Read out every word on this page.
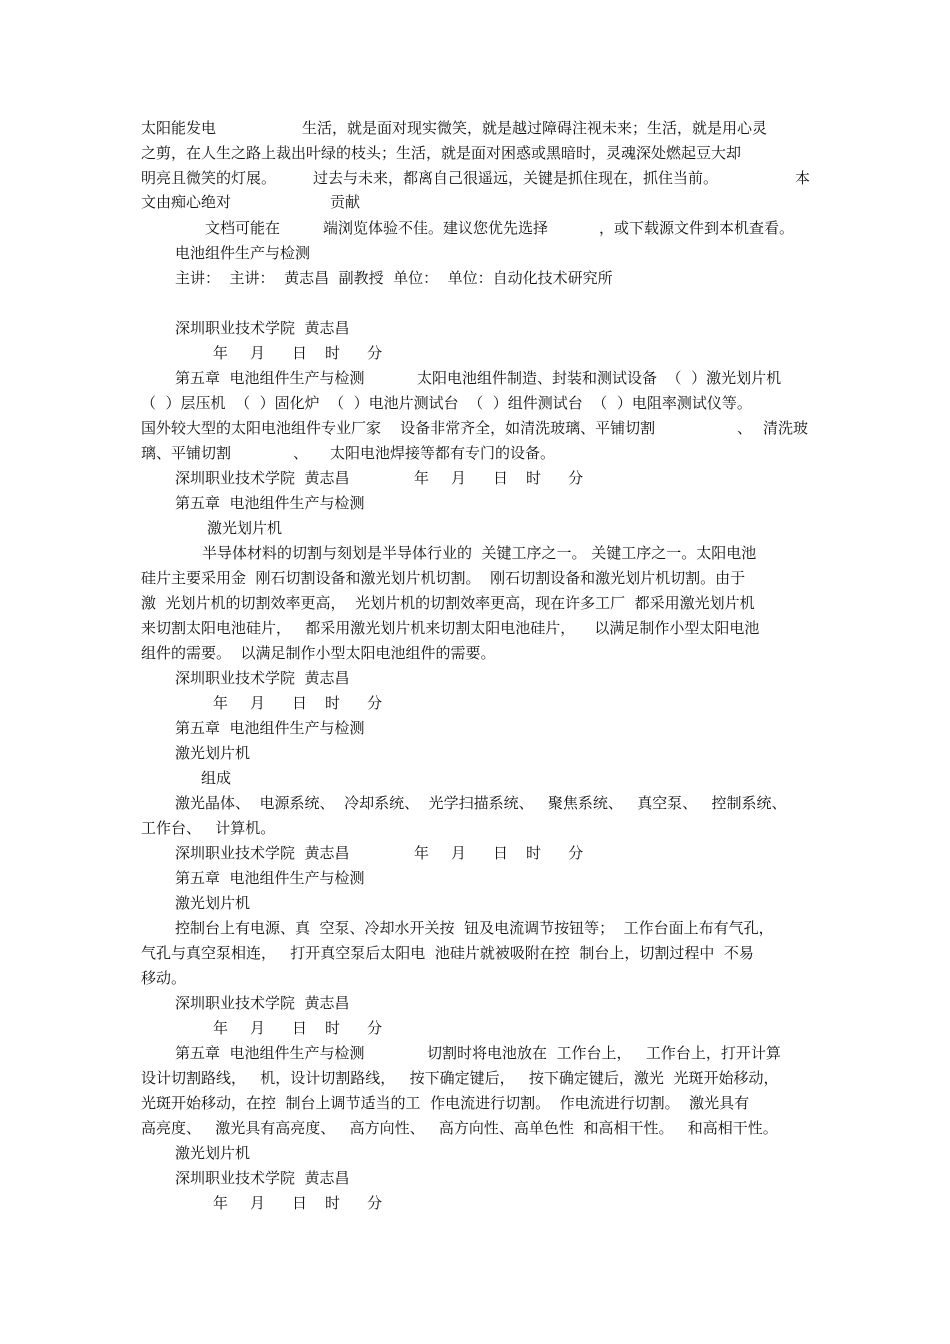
太阳能发电	生活，就是面对现实微笑，就是越过障碍注视未来；生活，就是用心灵
之剪，在人生之路上裁出叶绿的枝头；生活，就是面对困惑或黑暗时，灵魂深处燃起豆大却
明亮且微笑的灯展。 过去与未来，都离自己很遥远，关键是抓住现在，抓住当前。	本
文由痴心绝对	贡献
文档可能在	端浏览体验不佳。建议您优先选择	，或下载源文件到本机查看。
电池组件生产与检测
主讲：  主讲：  黄志昌  副教授  单位：  单位：自动化技术研究所
深圳职业技术学院  黄志昌
年 月 日 时 分
第五章  电池组件生产与检测	太阳电池组件制造、封装和测试设备  （  ）激光划片机
（  ）层压机  （  ）固化炉  （  ）电池片测试台  （  ）组件测试台  （  ）电阻率测试仪等。
国外较大型的太阳电池组件专业厂家    设备非常齐全，如清洗玻璃、平铺切割	、 清洗玻
璃、平铺切割	、 太阳电池焊接等都有专门的设备。
深圳职业技术学院  黄志昌	年 月 日 时 分
第五章  电池组件生产与检测
激光划片机
半导体材料的切割与刻划是半导体行业的  关键工序之一。 关键工序之一。太阳电池
硅片主要采用金  刚石切割设备和激光划片机切割。  刚石切割设备和激光划片机切割。由于
激  光划片机的切割效率更高，  光划片机的切割效率更高，现在许多工厂  都采用激光划片机
来切割太阳电池硅片，   都采用激光划片机来切割太阳电池硅片，    以满足制作小型太阳电池
组件的需要。  以满足制作小型太阳电池组件的需要。
深圳职业技术学院  黄志昌
年 月 日 时 分
第五章  电池组件生产与检测
激光划片机
组成
激光晶体、  电源系统、  冷却系统、  光学扫描系统、   聚焦系统、   真空泵、   控制系统、
工作台、   计算机。
深圳职业技术学院  黄志昌	年 月 日 时 分
第五章  电池组件生产与检测
激光划片机
控制台上有电源、真  空泵、冷却水开关按  钮及电流调节按钮等；  工作台面上布有气孔，
气孔与真空泵相连，   打开真空泵后太阳电  池硅片就被吸附在控  制台上，切割过程中  不易
移动。
深圳职业技术学院  黄志昌
年 月 日 时 分
第五章  电池组件生产与检测	切割时将电池放在  工作台上，   工作台上，打开计算
设计切割路线，   机，设计切割路线，   按下确定键后，   按下确定键后，激光  光斑开始移动，
光斑开始移动，在控  制台上调节适当的工  作电流进行切割。  作电流进行切割。  激光具有
高亮度、   激光具有高亮度、   高方向性、   高方向性、高单色性  和高相干性。   和高相干性。
激光划片机
深圳职业技术学院  黄志昌
年 月 日 时 分
